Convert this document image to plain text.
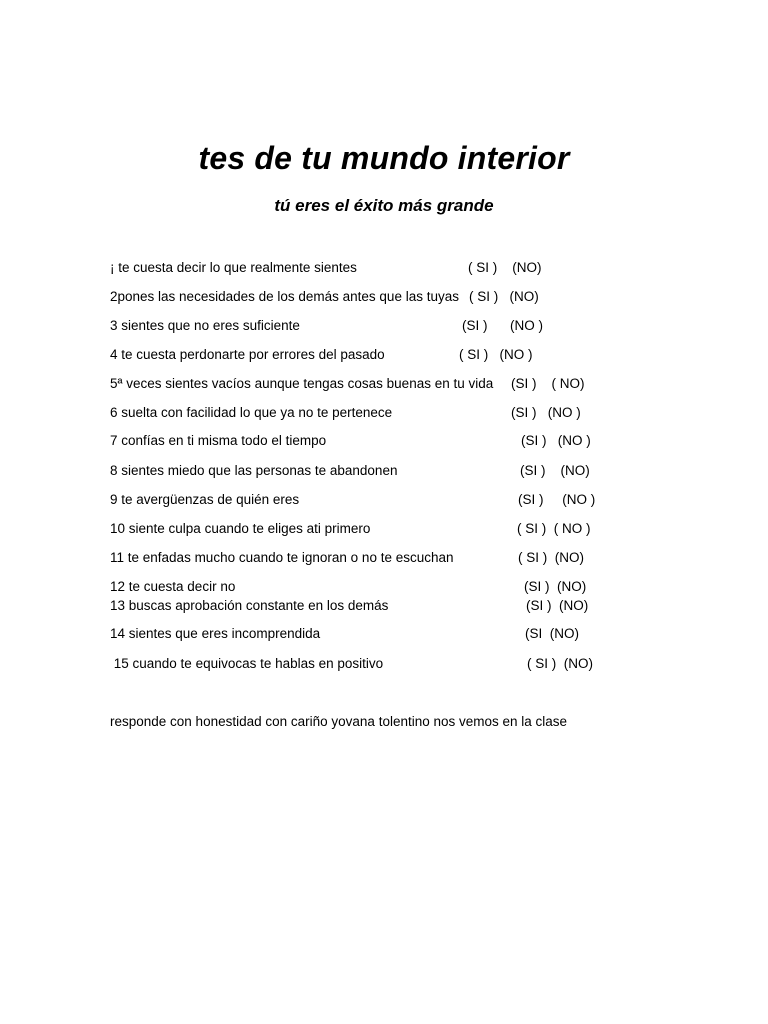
tes de tu mundo interior
tú eres el éxito más grande
¡ te cuesta decir lo que realmente sientes	( SI )    (NO)
2pones las necesidades de los demás antes que las tuyas ( SI )   (NO)
3 sientes que no eres suficiente	(SI )      (NO )
4 te cuesta perdonarte por errores del pasado	( SI )   (NO )
5ª veces sientes vacíos aunque tengas cosas buenas en tu vida (SI )    ( NO)
6 suelta con facilidad lo que ya no te pertenece	(SI )   (NO )
7 confías en ti misma todo el tiempo	(SI )   (NO )
8 sientes miedo que las personas te abandonen	(SI )    (NO)
9 te avergüenzas de quién eres	(SI )     (NO )
10 siente culpa cuando te eliges ati primero	( SI )  ( NO )
11 te enfadas mucho cuando te ignoran o no te escuchan	( SI )  (NO)
12 te cuesta decir no	(SI )  (NO)
13 buscas aprobación constante en los demás	(SI )  (NO)
14 sientes que eres incomprendida	(SI  (NO)
15 cuando te equivocas te hablas en positivo	( SI )  (NO)
responde con honestidad con cariño yovana tolentino nos vemos en la clase
